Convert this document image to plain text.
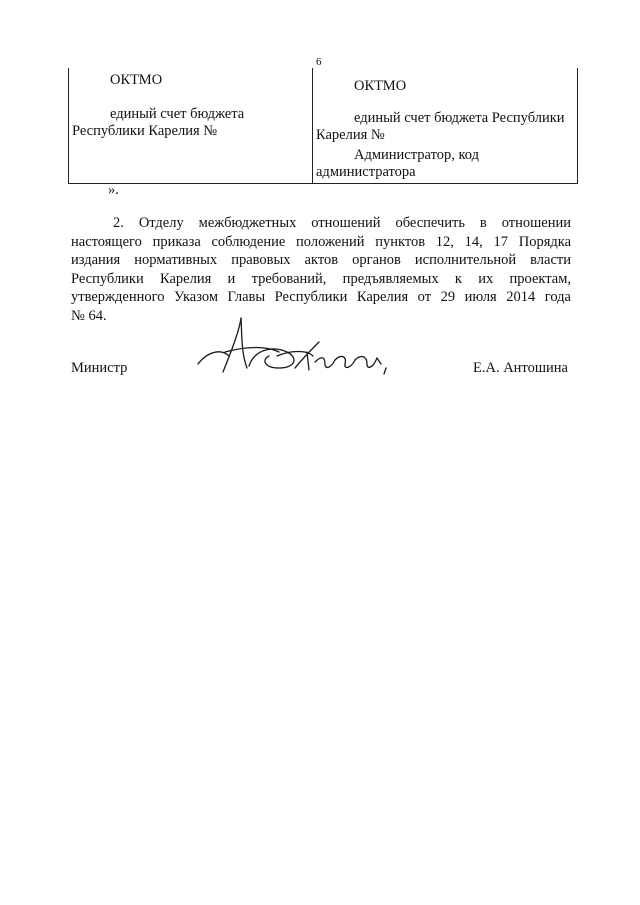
6
ОКТМО
единый счет бюджета
Республики Карелия №
ОКТМО
единый счет бюджета Республики
Карелия №
Администратор, код
администратора
».
2. Отделу межбюджетных отношений обеспечить в отношении
настоящего приказа соблюдение положений пунктов 12, 14, 17 Порядка
издания нормативных правовых актов органов исполнительной власти
Республики Карелия и требований, предъявляемых к их проектам,
утвержденного Указом Главы Республики Карелия от 29 июля 2014 года
№ 64.
Министр	Е.А. Антошина
